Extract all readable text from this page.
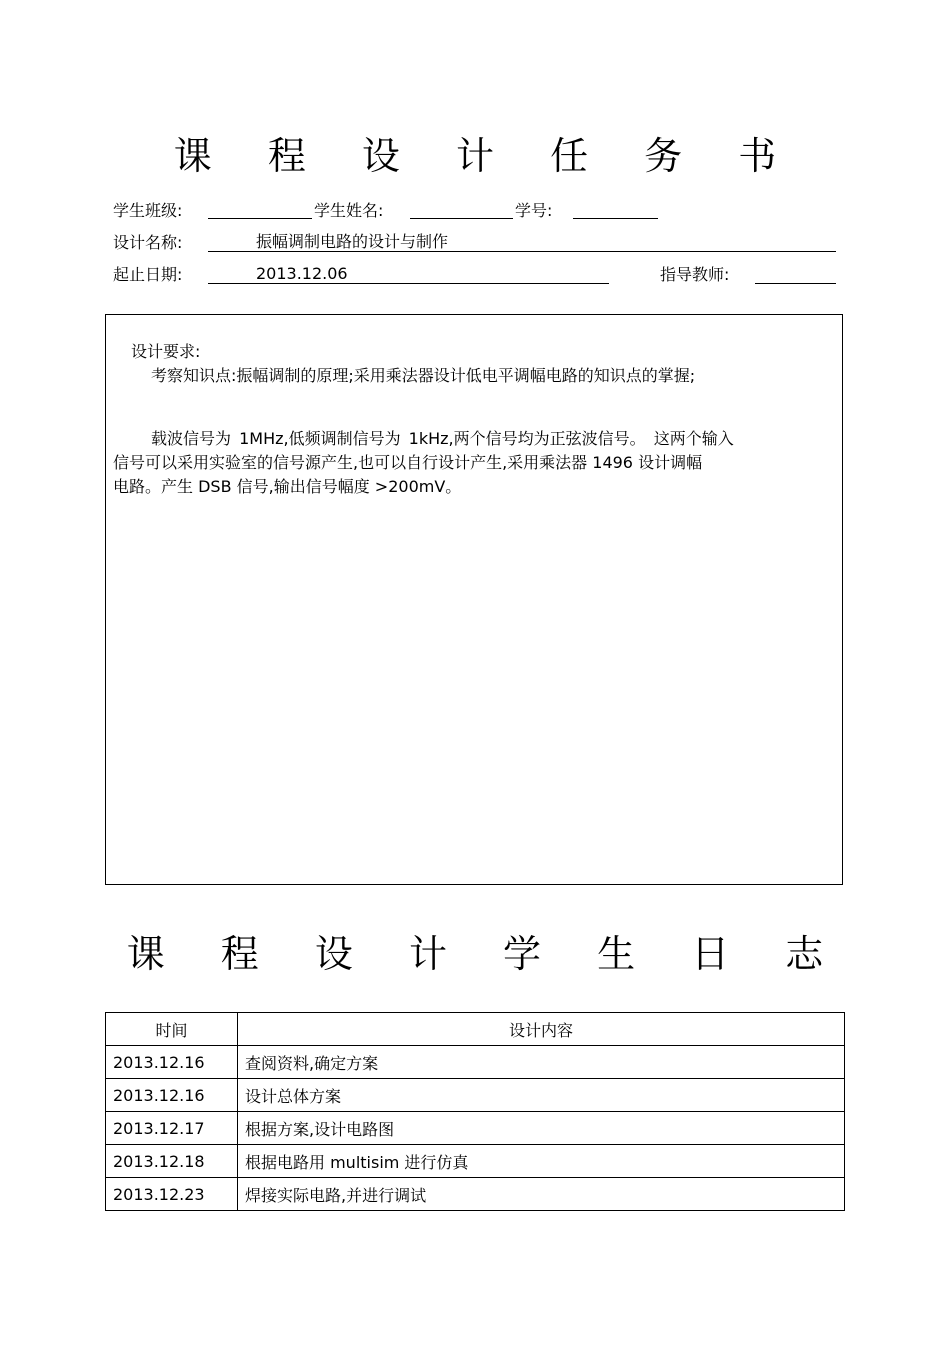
课 程 设 计 任 务 书
学生班级:	学生姓名:	学号:
设计名称:	振幅调制电路的设计与制作
起止日期:	2013.12.06	指导教师:
设计要求:
考察知识点:振幅调制的原理;采用乘法器设计低电平调幅电路的知识点的掌握;
载波信号为 1MHz,低频调制信号为 1kHz,两个信号均为正弦波信号。 这两个输入
信号可以采用实验室的信号源产生,也可以自行设计产生,采用乘法器 1496 设计调幅
电路。产生 DSB 信号,输出信号幅度 >200mV。
课 程 设 计 学 生 日 志
时间	设计内容
2013.12.16	查阅资料,确定方案
2013.12.16	设计总体方案
2013.12.17	根据方案,设计电路图
2013.12.18	根据电路用 multisim 进行仿真
2013.12.23	焊接实际电路,并进行调试
